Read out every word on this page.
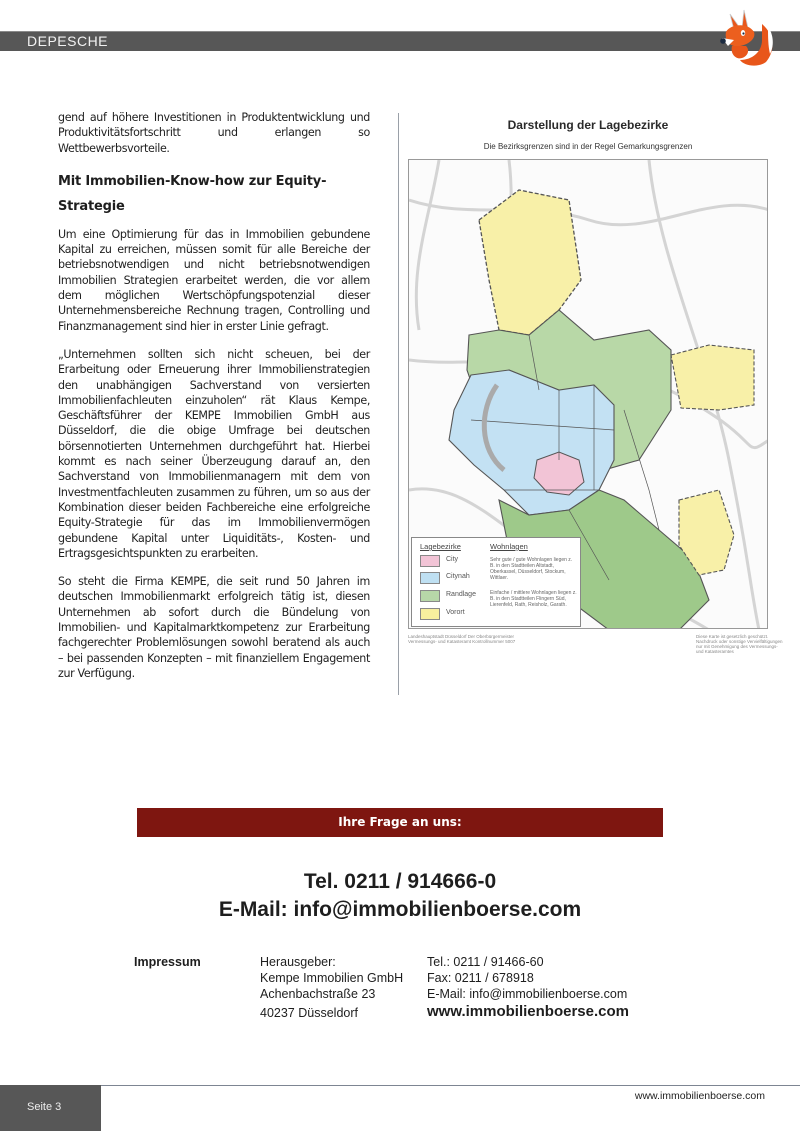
DEPESCHE

gend auf höhere Investitionen in Produktentwicklung und Produktivitätsfortschritt und erlangen so Wettbewerbsvorteile.

Mit Immobilien-Know-how zur Equity-Strategie

Um eine Optimierung für das in Immobilien gebundene Kapital zu erreichen, müssen somit für alle Bereiche der betriebsnotwendigen und nicht betriebsnotwendigen Immobilien Strategien erarbeitet werden, die vor allem dem möglichen Wertschöpfungspotenzial dieser Unternehmensbereiche Rechnung tragen, Controlling und Finanzmanagement sind hier in erster Linie gefragt.

„Unternehmen sollten sich nicht scheuen, bei der Erarbeitung oder Erneuerung ihrer Immobilienstrategien den unabhängigen Sachverstand von versierten Immobilienfachleuten einzuholen“ rät Klaus Kempe, Geschäftsführer der KEMPE Immobilien GmbH aus Düsseldorf, die die obige Umfrage bei deutschen börsennotierten Unternehmen durchgeführt hat. Hierbei kommt es nach seiner Überzeugung darauf an, den Sachverstand von Immobilienmanagern mit dem von Investmentfachleuten zusammen zu führen, um so aus der Kombination dieser beiden Fachbereiche eine erfolgreiche Equity-Strategie für das im Immobilienvermögen gebundene Kapital unter Liquiditäts-, Kosten- und Ertragsgesichtspunkten zu erarbeiten.

So steht die Firma KEMPE, die seit rund 50 Jahren im deutschen Immobilienmarkt erfolgreich tätig ist, diesen Unternehmen ab sofort durch die Bündelung von Immobilien- und Kapitalmarktkompetenz zur Erarbeitung fachgerechter Problemlösungen sowohl beratend als auch – bei passenden Konzepten – mit finanziellem Engagement zur Verfügung.

Darstellung der Lagebezirke
Die Bezirksgrenzen sind in der Regel Gemarkungsgrenzen
Lagebezirke	Wohnlagen
City
Citynah
Randlage
Vorort
Sehr gute / gute Wohnlagen liegen z. B. in den Stadtteilen Altstadt, Oberkassel, Düsseldorf, Stockum, Wittlaer.
Einfache / mittlere Wohnlagen liegen z. B. in den Stadtteilen Flingern Süd, Lierenfeld, Rath, Reisholz, Garath.
Landeshauptstadt Düsseldorf Der Oberbürgermeister Vermessungs- und Katasteramt Kontrollnummer 5007
Diese Karte ist gesetzlich geschützt. Nachdruck oder sonstige Vervielfältigungen nur mit Genehmigung des Vermessungs- und Katasteramtes
Ihre Frage an uns:
Tel. 0211 / 914666-0
E-Mail: info@immobilienboerse.com
Impressum	Herausgeber:
Kempe Immobilien GmbH
Achenbachstraße 23
40237 Düsseldorf
Tel.: 0211 / 91466-60
Fax: 0211 / 678918
E-Mail: info@immobilienboerse.com
www.immobilienboerse.com
Seite 3
www.immobilienboerse.com
